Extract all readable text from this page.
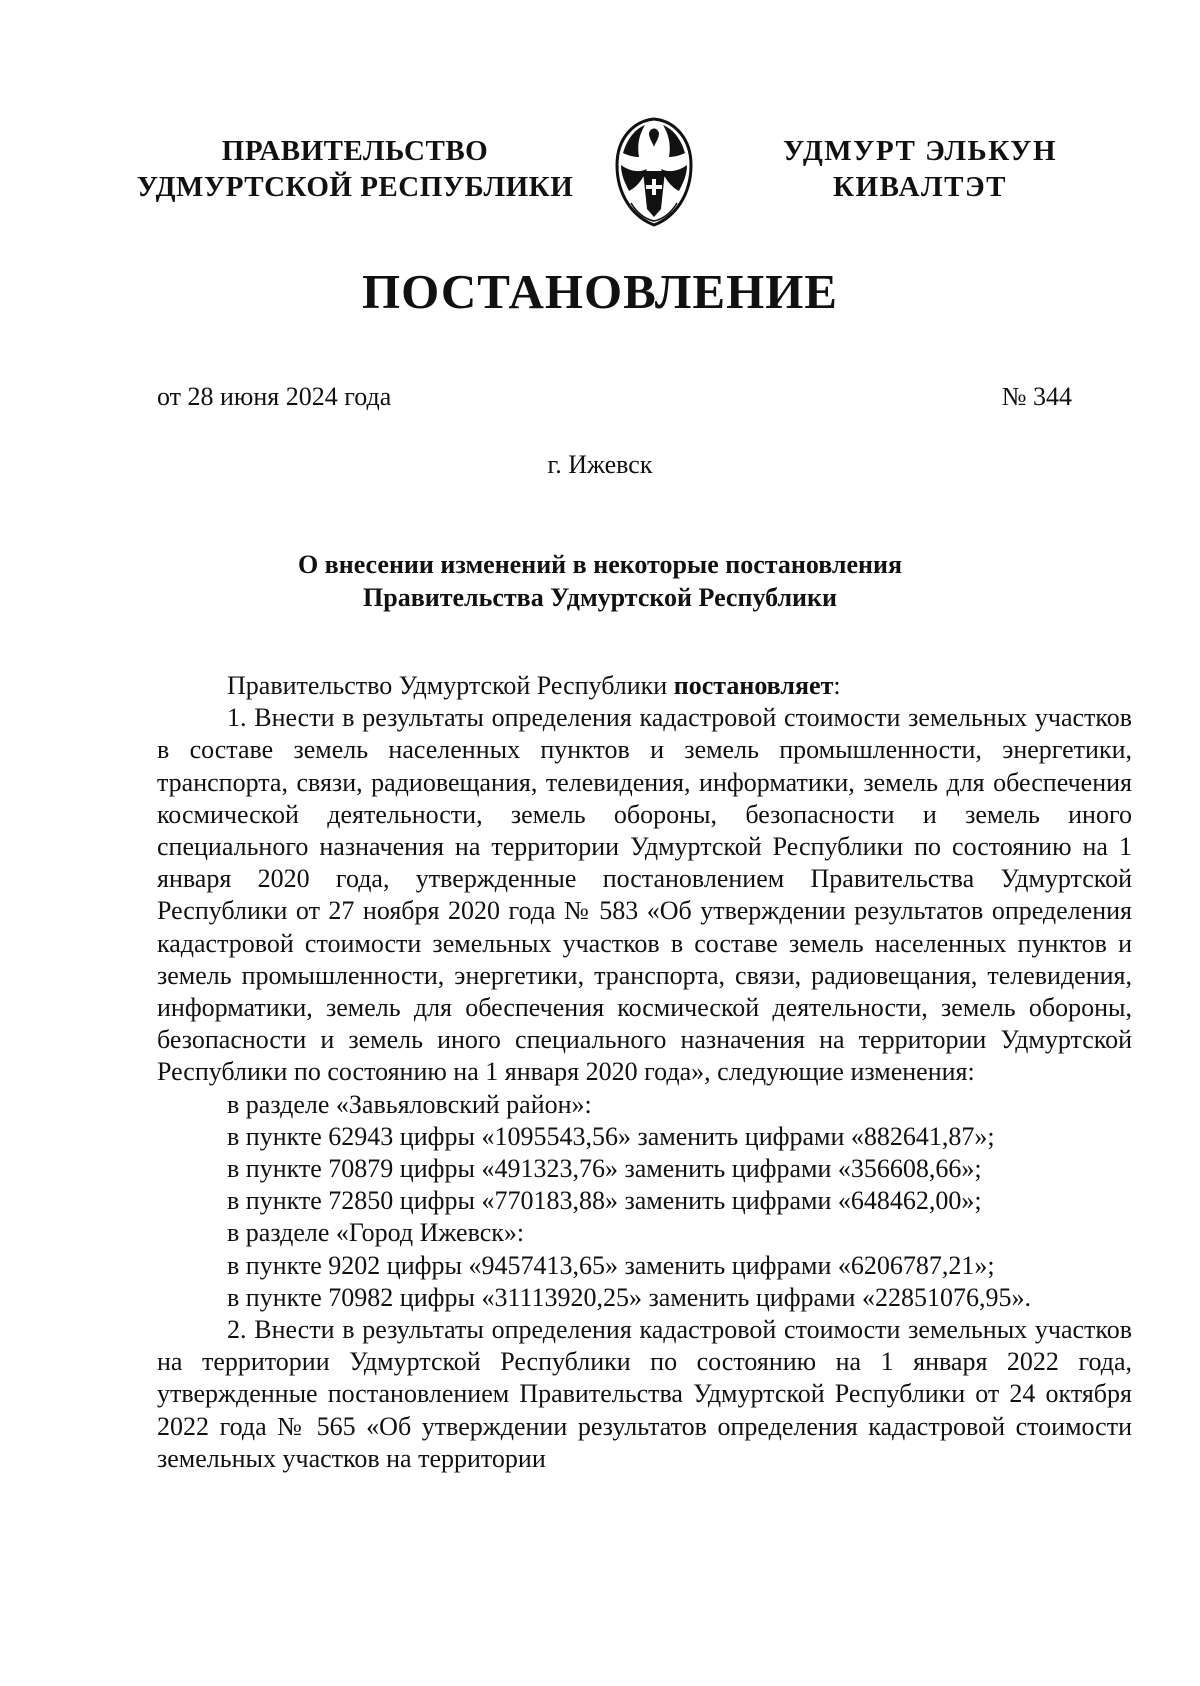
ПРАВИТЕЛЬСТВО
УДМУРТСКОЙ РЕСПУБЛИКИ
УДМУРТ ЭЛЬКУН
КИВАЛТЭТ
ПОСТАНОВЛЕНИЕ
от 28 июня 2024 года	№ 344
г. Ижевск
О внесении изменений в некоторые постановления
Правительства Удмуртской Республики

Правительство Удмуртской Республики постановляет:

1. Внести в результаты определения кадастровой стоимости земельных участков в составе земель населенных пунктов и земель промышленности, энергетики, транспорта, связи, радиовещания, телевидения, информатики, земель для обеспечения космической деятельности, земель обороны, безопасности и земель иного специального назначения на территории Удмуртской Республики по состоянию на 1 января 2020 года, утвержденные постановлением Правительства Удмуртской Республики от 27 ноября 2020 года № 583 «Об утверждении результатов определения кадастровой стоимости земельных участков в составе земель населенных пунктов и земель промышленности, энергетики, транспорта, связи, радиовещания, телевидения, информатики, земель для обеспечения космической деятельности, земель обороны, безопасности и земель иного специального назначения на территории Удмуртской Республики по состоянию на 1 января 2020 года», следующие изменения:

в разделе «Завьяловский район»:

в пункте 62943 цифры «1095543,56» заменить цифрами «882641,87»;

в пункте 70879 цифры «491323,76» заменить цифрами «356608,66»;

в пункте 72850 цифры «770183,88» заменить цифрами «648462,00»;

в разделе «Город Ижевск»:

в пункте 9202 цифры «9457413,65» заменить цифрами «6206787,21»;

в пункте 70982 цифры «31113920,25» заменить цифрами «22851076,95».

2. Внести в результаты определения кадастровой стоимости земельных участков на территории Удмуртской Республики по состоянию на 1 января 2022 года, утвержденные постановлением Правительства Удмуртской Республики от 24 октября 2022 года № 565 «Об утверждении результатов определения кадастровой стоимости земельных участков на территории
